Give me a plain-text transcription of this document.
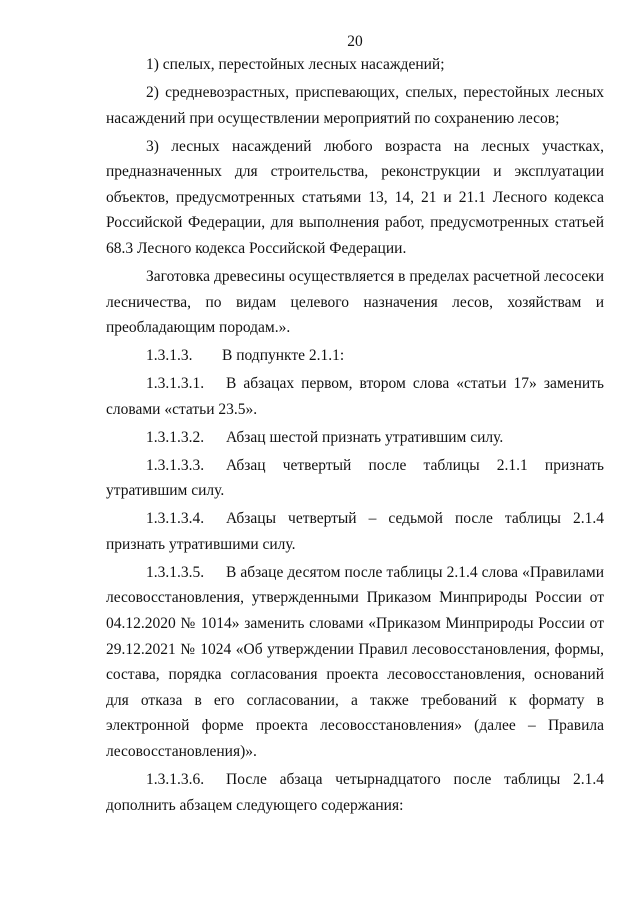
20

1) спелых, перестойных лесных насаждений;

2) средневозрастных, приспевающих, спелых, перестойных лесных насаждений при осуществлении мероприятий по сохранению лесов;

3) лесных насаждений любого возраста на лесных участках, предназначенных для строительства, реконструкции и эксплуатации объектов, предусмотренных статьями 13, 14, 21 и 21.1 Лесного кодекса Российской Федерации, для выполнения работ, предусмотренных статьей 68.3 Лесного кодекса Российской Федерации.

Заготовка древесины осуществляется в пределах расчетной лесосеки лесничества, по видам целевого назначения лесов, хозяйствам и преобладающим породам.».

1.3.1.3. В подпункте 2.1.1:

1.3.1.3.1. В абзацах первом, втором слова «статьи 17» заменить словами «статьи 23.5».

1.3.1.3.2. Абзац шестой признать утратившим силу.

1.3.1.3.3. Абзац четвертый после таблицы 2.1.1 признать утратившим силу.

1.3.1.3.4. Абзацы четвертый – седьмой после таблицы 2.1.4 признать утратившими силу.

1.3.1.3.5. В абзаце десятом после таблицы 2.1.4 слова «Правилами лесовосстановления, утвержденными Приказом Минприроды России от 04.12.2020 № 1014» заменить словами «Приказом Минприроды России от 29.12.2021 № 1024 «Об утверждении Правил лесовосстановления, формы, состава, порядка согласования проекта лесовосстановления, оснований для отказа в его согласовании, а также требований к формату в электронной форме проекта лесовосстановления» (далее – Правила лесовосстановления)».

1.3.1.3.6. После абзаца четырнадцатого после таблицы 2.1.4 дополнить абзацем следующего содержания:
